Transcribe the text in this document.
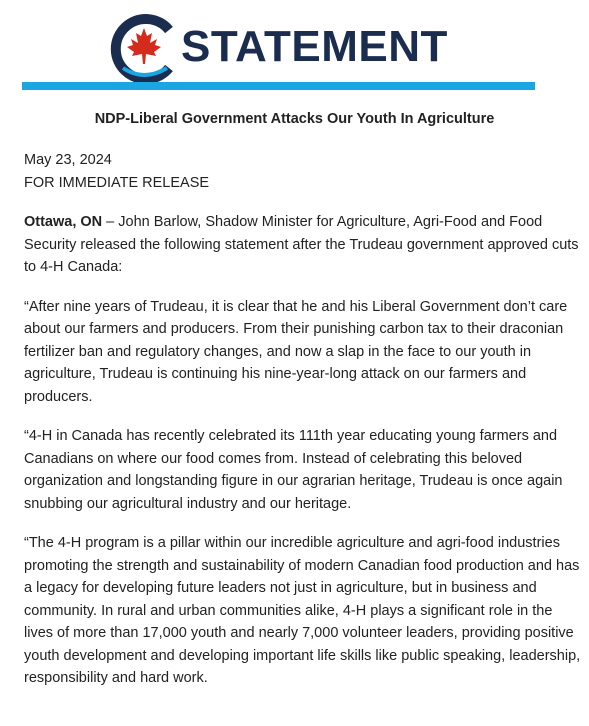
STATEMENT
NDP-Liberal Government Attacks Our Youth In Agriculture
May 23, 2024
FOR IMMEDIATE RELEASE

Ottawa, ON – John Barlow, Shadow Minister for Agriculture, Agri-Food and Food Security released the following statement after the Trudeau government approved cuts to 4-H Canada:

“After nine years of Trudeau, it is clear that he and his Liberal Government don’t care about our farmers and producers. From their punishing carbon tax to their draconian fertilizer ban and regulatory changes, and now a slap in the face to our youth in agriculture, Trudeau is continuing his nine-year-long attack on our farmers and producers.

“4-H in Canada has recently celebrated its 111th year educating young farmers and Canadians on where our food comes from. Instead of celebrating this beloved organization and longstanding figure in our agrarian heritage, Trudeau is once again snubbing our agricultural industry and our heritage.

“The 4-H program is a pillar within our incredible agriculture and agri-food industries promoting the strength and sustainability of modern Canadian food production and has a legacy for developing future leaders not just in agriculture, but in business and community. In rural and urban communities alike, 4-H plays a significant role in the lives of more than 17,000 youth and nearly 7,000 volunteer leaders, providing positive youth development and developing important life skills like public speaking, leadership, responsibility and hard work.
